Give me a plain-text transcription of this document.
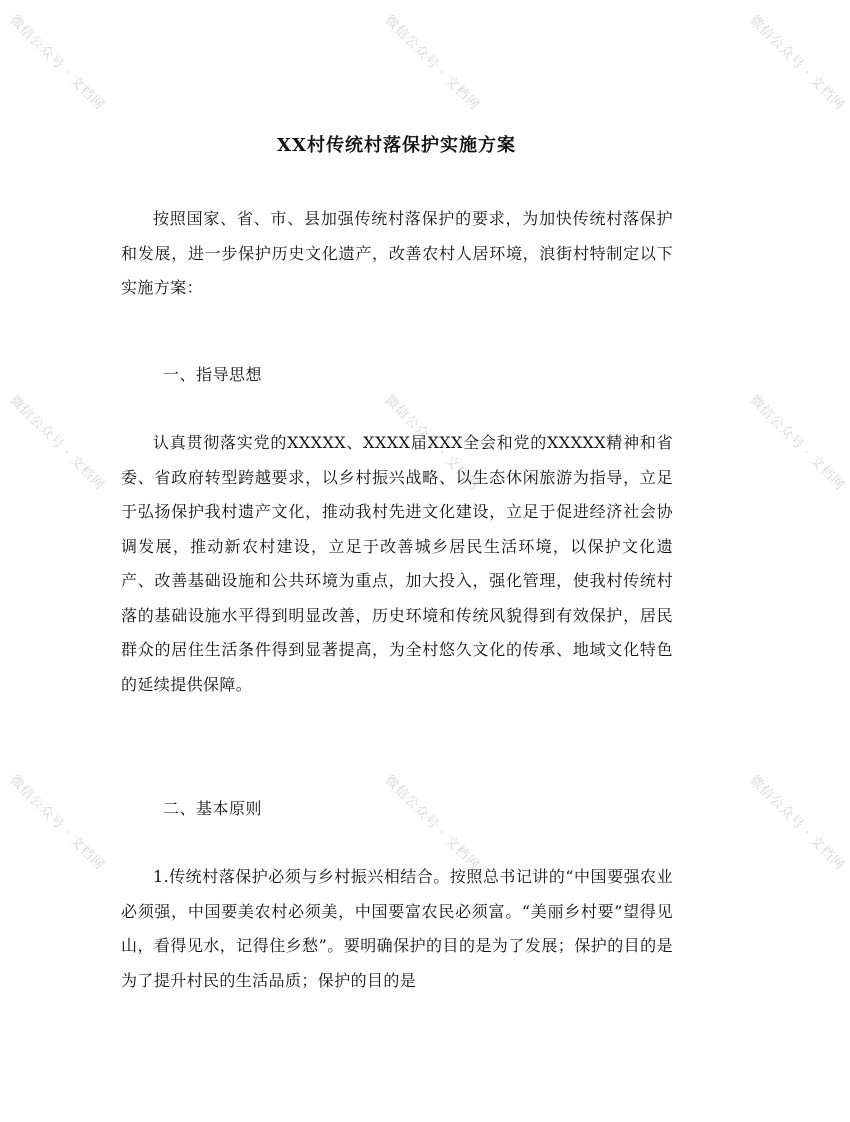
微信公众号 · 文档网	微信公众号 · 文档网	微信公众号 · 文档网
微信公众号 · 文档网	微信公众号 · 文档网	微信公众号 · 文档网
微信公众号 · 文档网	微信公众号 · 文档网	微信公众号 · 文档网
XX村传统村落保护实施方案
按照国家、省、市、县加强传统村落保护的要求，为加快传统村落保护和发展，进一步保护历史文化遗产，改善农村人居环境，浪街村特制定以下实施方案：
一、指导思想
认真贯彻落实党的XXXXX、XXXX届XXX全会和党的XXXXX精神和省委、省政府转型跨越要求，以乡村振兴战略、以生态休闲旅游为指导，立足于弘扬保护我村遗产文化，推动我村先进文化建设，立足于促进经济社会协调发展，推动新农村建设，立足于改善城乡居民生活环境，以保护文化遗产、改善基础设施和公共环境为重点，加大投入，强化管理，使我村传统村落的基础设施水平得到明显改善，历史环境和传统风貌得到有效保护，居民群众的居住生活条件得到显著提高，为全村悠久文化的传承、地域文化特色的延续提供保障。
二、基本原则
1.传统村落保护必须与乡村振兴相结合。按照总书记讲的“中国要强农业必须强，中国要美农村必须美，中国要富农民必须富。“美丽乡村要”望得见山，看得见水，记得住乡愁”。要明确保护的目的是为了发展；保护的目的是为了提升村民的生活品质；保护的目的是
